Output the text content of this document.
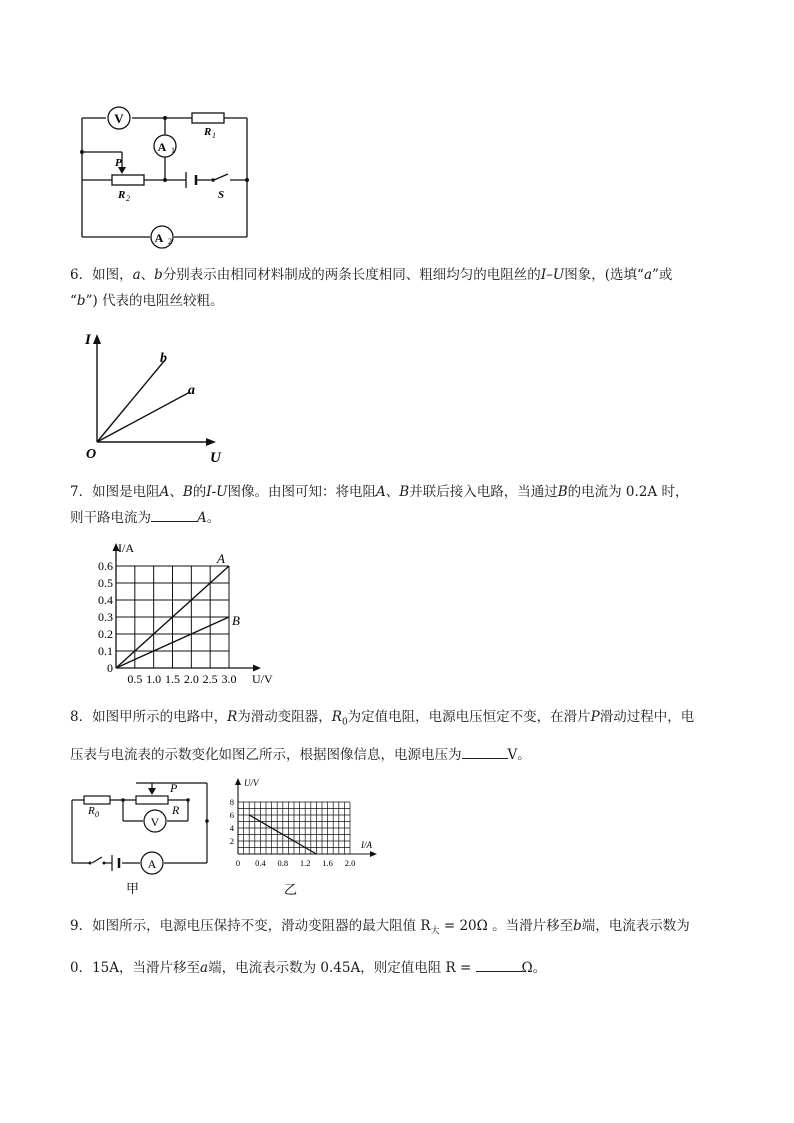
V
R 1
A 1
P
R 2	S
A 2
6．如图，a、b分别表示由相同材料制成的两条长度相同、粗细均匀的电阻丝的I–U图象，(选填“a”或
“b”) 代表的电阻丝较粗。
I
U
O
b
a
7．如图是电阻A、B的I-U图像。由图可知：将电阻A、B并联后接入电路，当通过B的电流为 0.2A 时，
则干路电流为	A。
A
B
0.6
0.5
0.4
0.3
0.2
0.1
0
0.5 1.0 1.5 2.0 2.5 3.0
I/A
U/V
8．如图甲所示的电路中，R为滑动变阻器，$R_0$为定值电阻，电源电压恒定不变，在滑片P滑动过程中，电
压表与电流表的示数变化如图乙所示，根据图像信息，电源电压为	V。
R 0
P
R
V
A
甲
8
6
4
2
0 0.4 0.8 1.2 1.6 2.0
U/V
I/A
乙
9．如图所示，电源电压保持不变，滑动变阻器的最大阻值 $R_大 = 20\Omega$ 。当滑片移至b端，电流表示数为
0．15A，当滑片移至a端，电流表示数为 0.45A，则定值电阻 R =	Ω。
